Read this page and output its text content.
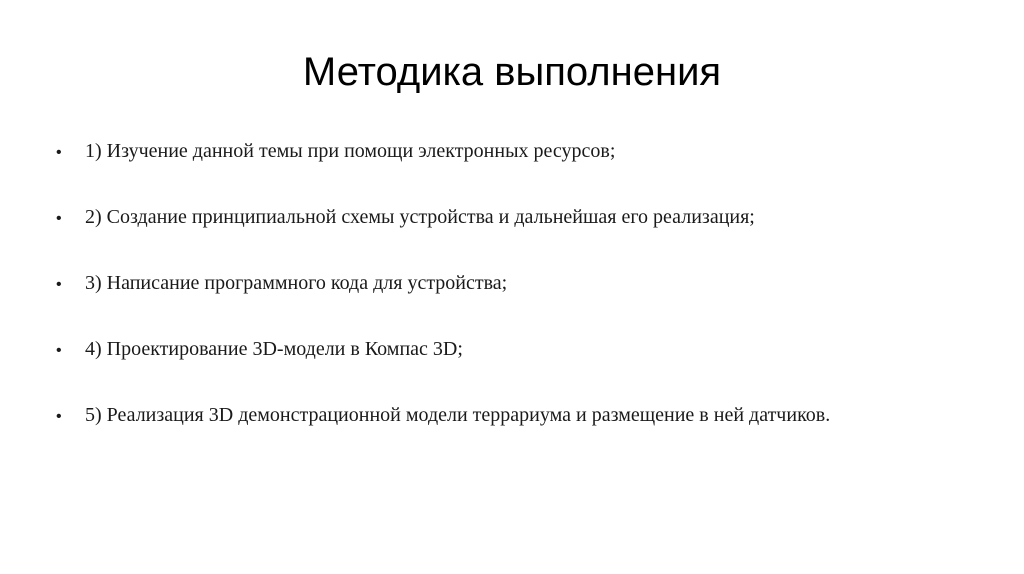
Методика выполнения
•	1) Изучение данной темы при помощи электронных ресурсов;
•	2) Создание принципиальной схемы устройства и дальнейшая его реализация;
•	3) Написание программного кода для устройства;
•	4) Проектирование 3D-модели в Компас 3D;
•	5) Реализация 3D демонстрационной модели террариума и размещение в ней датчиков.
